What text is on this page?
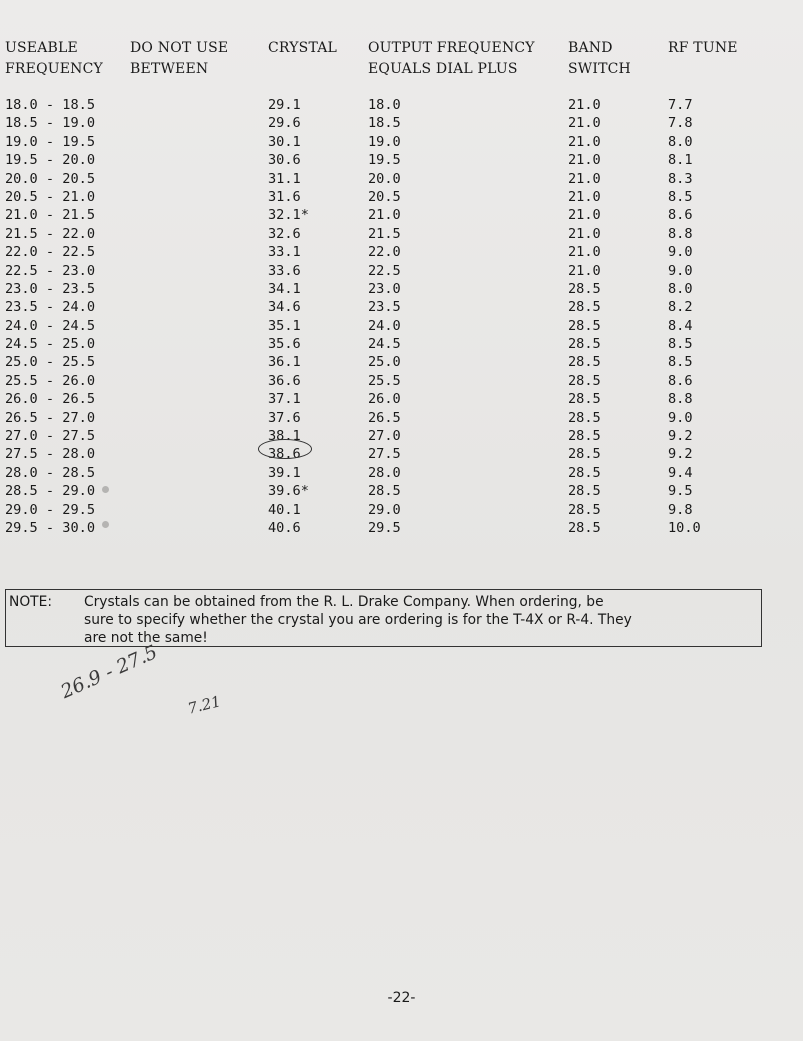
USEABLE
FREQUENCY
DO NOT USE
BETWEEN
CRYSTAL OUTPUT FREQUENCY
EQUALS DIAL PLUS
BAND
SWITCH
RF TUNE
18.0 - 18.5
18.5 - 19.0
19.0 - 19.5
19.5 - 20.0
20.0 - 20.5
20.5 - 21.0
21.0 - 21.5
21.5 - 22.0
22.0 - 22.5
22.5 - 23.0
23.0 - 23.5
23.5 - 24.0
24.0 - 24.5
24.5 - 25.0
25.0 - 25.5
25.5 - 26.0
26.0 - 26.5
26.5 - 27.0
27.0 - 27.5
27.5 - 28.0
28.0 - 28.5
28.5 - 29.0
29.0 - 29.5
29.5 - 30.0
29.1
29.6
30.1
30.6
31.1
31.6
32.1*
32.6
33.1
33.6
34.1
34.6
35.1
35.6
36.1
36.6
37.1
37.6
38.1
38.6
39.1
39.6*
40.1
40.6
18.0
18.5
19.0
19.5
20.0
20.5
21.0
21.5
22.0
22.5
23.0
23.5
24.0
24.5
25.0
25.5
26.0
26.5
27.0
27.5
28.0
28.5
29.0
29.5
21.0
21.0
21.0
21.0
21.0
21.0
21.0
21.0
21.0
21.0
28.5
28.5
28.5
28.5
28.5
28.5
28.5
28.5
28.5
28.5
28.5
28.5
28.5
28.5
7.7
7.8
8.0
8.1
8.3
8.5
8.6
8.8
9.0
9.0
8.0
8.2
8.4
8.5
8.5
8.6
8.8
9.0
9.2
9.2
9.4
9.5
9.8
10.0
NOTE: Crystals can be obtained from the R. L. Drake Company. When ordering, be
sure to specify whether the crystal you are ordering is for the T-4X or R-4. They
are not the same!
26.9 - 27.5
7.21
-22-
